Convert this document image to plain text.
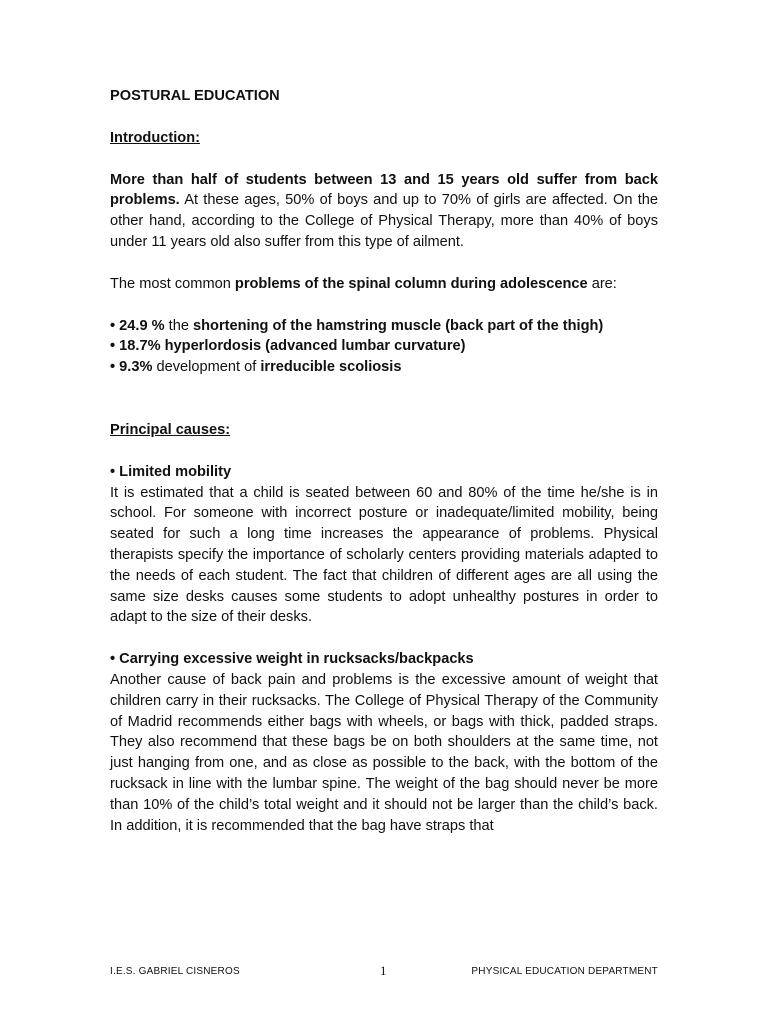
POSTURAL EDUCATION
Introduction:

More than half of students between 13 and 15 years old suffer from back problems. At these ages, 50% of boys and up to 70% of girls are affected. On the other hand, according to the College of Physical Therapy, more than 40% of boys under 11 years old also suffer from this type of ailment.

The most common problems of the spinal column during adolescence are:

• 24.9 % the shortening of the hamstring muscle (back part of the thigh)
• 18.7% hyperlordosis (advanced lumbar curvature)
• 9.3% development of irreducible scoliosis
Principal causes:
• Limited mobility

It is estimated that a child is seated between 60 and 80% of the time he/she is in school. For someone with incorrect posture or inadequate/limited mobility, being seated for such a long time increases the appearance of problems. Physical therapists specify the importance of scholarly centers providing materials adapted to the needs of each student. The fact that children of different ages are all using the same size desks causes some students to adopt unhealthy postures in order to adapt to the size of their desks.

• Carrying excessive weight in rucksacks/backpacks

Another cause of back pain and problems is the excessive amount of weight that children carry in their rucksacks. The College of Physical Therapy of the Community of Madrid recommends either bags with wheels, or bags with thick, padded straps. They also recommend that these bags be on both shoulders at the same time, not just hanging from one, and as close as possible to the back, with the bottom of the rucksack in line with the lumbar spine. The weight of the bag should never be more than 10% of the child’s total weight and it should not be larger than the child’s back. In addition, it is recommended that the bag have straps that

I.E.S. GABRIEL CISNEROS	1	PHYSICAL EDUCATION DEPARTMENT
